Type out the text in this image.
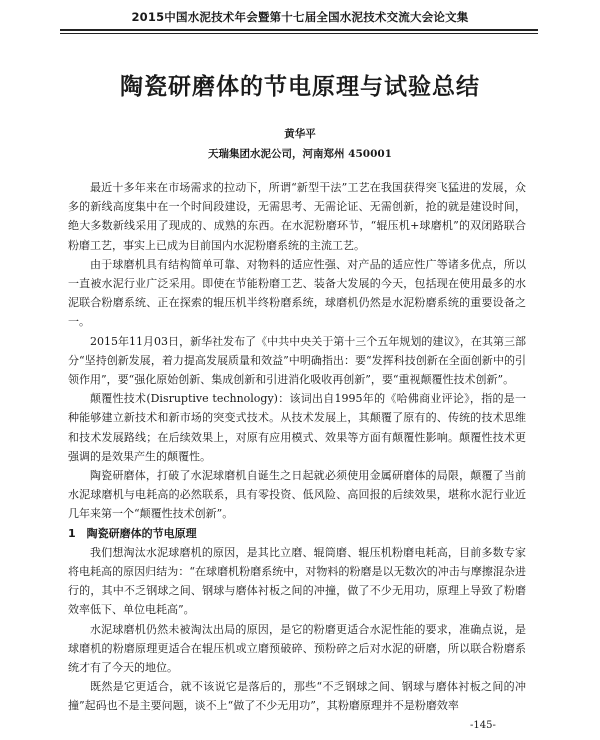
2015中国水泥技术年会暨第十七届全国水泥技术交流大会论文集
陶瓷研磨体的节电原理与试验总结
黄华平
天瑞集团水泥公司，河南郑州 450001

最近十多年来在市场需求的拉动下，所谓“新型干法”工艺在我国获得突飞猛进的发展，众多的新线高度集中在一个时间段建设，无需思考、无需论证、无需创新，抢的就是建设时间，绝大多数新线采用了现成的、成熟的东西。在水泥粉磨环节，“辊压机+球磨机”的双闭路联合粉磨工艺，事实上已成为目前国内水泥粉磨系统的主流工艺。

由于球磨机具有结构简单可靠、对物料的适应性强、对产品的适应性广等诸多优点，所以一直被水泥行业广泛采用。即使在节能粉磨工艺、装备大发展的今天，包括现在使用最多的水泥联合粉磨系统、正在探索的辊压机半终粉磨系统，球磨机仍然是水泥粉磨系统的重要设备之一。

2015年11月03日，新华社发布了《中共中央关于第十三个五年规划的建议》，在其第三部分“坚持创新发展，着力提高发展质量和效益”中明确指出：要“发挥科技创新在全面创新中的引领作用”，要“强化原始创新、集成创新和引进消化吸收再创新”，要“重视颠覆性技术创新”。

颠覆性技术(Disruptive technology)：该词出自1995年的《哈佛商业评论》，指的是一种能够建立新技术和新市场的突变式技术。从技术发展上，其颠覆了原有的、传统的技术思维和技术发展路线；在后续效果上，对原有应用模式、效果等方面有颠覆性影响。颠覆性技术更强调的是效果产生的颠覆性。

陶瓷研磨体，打破了水泥球磨机自诞生之日起就必须使用金属研磨体的局限，颠覆了当前水泥球磨机与电耗高的必然联系，具有零投资、低风险、高回报的后续效果，堪称水泥行业近几年来第一个“颠覆性技术创新”。

1　陶瓷研磨体的节电原理

我们想淘汰水泥球磨机的原因，是其比立磨、辊筒磨、辊压机粉磨电耗高，目前多数专家将电耗高的原因归结为：“在球磨机粉磨系统中，对物料的粉磨是以无数次的冲击与摩擦混杂进行的，其中不乏钢球之间、钢球与磨体衬板之间的冲撞，做了不少无用功，原理上导致了粉磨效率低下、单位电耗高”。

水泥球磨机仍然未被淘汰出局的原因，是它的粉磨更适合水泥性能的要求，准确点说，是球磨机的粉磨原理更适合在辊压机或立磨预破碎、预粉碎之后对水泥的研磨，所以联合粉磨系统才有了今天的地位。

既然是它更适合，就不该说它是落后的，那些“不乏钢球之间、钢球与磨体衬板之间的冲撞”起码也不是主要问题，谈不上“做了不少无用功”，其粉磨原理并不是粉磨效率

-145-
